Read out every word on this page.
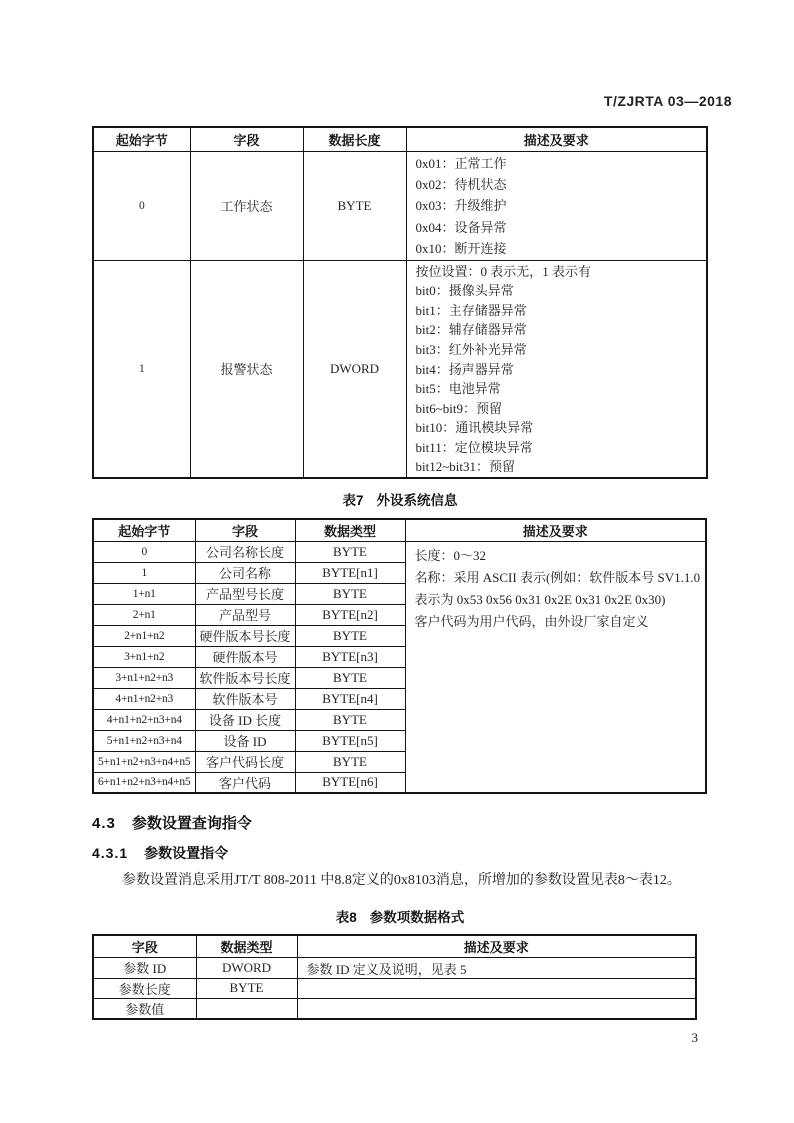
T/ZJRTA 03—2018
起始字节	字段	数据长度	描述及要求
0	工作状态	BYTE	0x01：正常工作
0x02：待机状态
0x03：升级维护
0x04：设备异常
0x10：断开连接

1	报警状态	DWORD	
按位设置：0 表示无，1 表示有
bit0：摄像头异常
bit1：主存储器异常
bit2：辅存储器异常
bit3：红外补光异常
bit4：扬声器异常
bit5：电池异常
bit6~bit9：预留
bit10：通讯模块异常
bit11：定位模块异常
bit12~bit31：预留
表7 外设系统信息
起始字节	字段	数据类型	描述及要求
0	公司名称长度	BYTE	长度：0～32
名称：采用 ASCII 表示(例如：软件版本号 SV1.1.0
表示为 0x53 0x56 0x31 0x2E 0x31 0x2E 0x30)
客户代码为用户代码，由外设厂家自定义

1	公司名称	BYTE[n1]	
1+n1	产品型号长度	BYTE	
2+n1	产品型号	BYTE[n2]	
2+n1+n2	硬件版本号长度	BYTE	
3+n1+n2	硬件版本号	BYTE[n3]	
3+n1+n2+n3	软件版本号长度	BYTE	
4+n1+n2+n3	软件版本号	BYTE[n4]	
4+n1+n2+n3+n4	设备 ID 长度	BYTE	
5+n1+n2+n3+n4	设备 ID	BYTE[n5]	
5+n1+n2+n3+n4+n5	客户代码长度	BYTE	
6+n1+n2+n3+n4+n5	客户代码	BYTE[n6]	
4.3 参数设置查询指令
4.3.1 参数设置指令

参数设置消息采用JT/T 808-2011 中8.8定义的0x8103消息，所增加的参数设置见表8～表12。

表8 参数项数据格式
字段	数据类型	描述及要求
参数 ID	DWORD	参数 ID 定义及说明，见表 5
参数长度	BYTE	
参数值		
3
